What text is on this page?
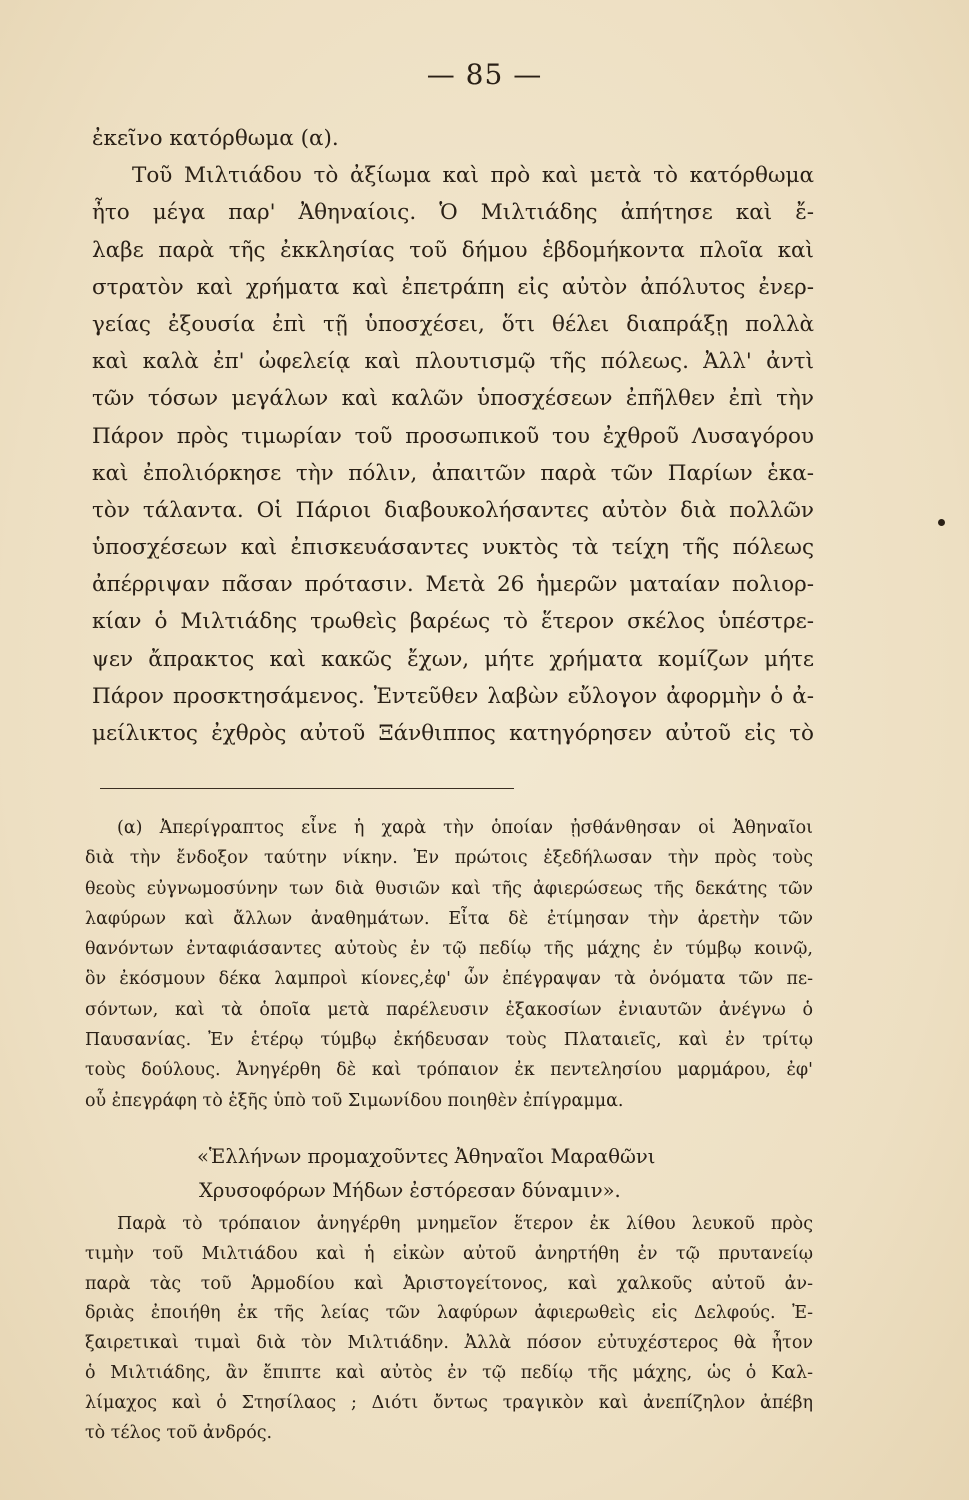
— 85 —
ἐκεῖνο κατόρθωμα (α).
Τοῦ Μιλτιάδου τὸ ἀξίωμα καὶ πρὸ καὶ μετὰ τὸ κατόρθωμα
ἦτο μέγα παρ' Ἀθηναίοις. Ὁ Μιλτιάδης ἀπήτησε καὶ ἔ-
λαβε παρὰ τῆς ἐκκλησίας τοῦ δήμου ἑβδομήκοντα πλοῖα καὶ
στρατὸν καὶ χρήματα καὶ ἐπετράπη εἰς αὐτὸν ἀπόλυτος ἐνερ-
γείας ἐξουσία ἐπὶ τῇ ὑποσχέσει, ὅτι θέλει διαπράξῃ πολλὰ
καὶ καλὰ ἐπ' ὠφελείᾳ καὶ πλουτισμῷ τῆς πόλεως. Ἀλλ' ἀντὶ
τῶν τόσων μεγάλων καὶ καλῶν ὑποσχέσεων ἐπῆλθεν ἐπὶ τὴν
Πάρον πρὸς τιμωρίαν τοῦ προσωπικοῦ του ἐχθροῦ Λυσαγόρου
καὶ ἐπολιόρκησε τὴν πόλιν, ἀπαιτῶν παρὰ τῶν Παρίων ἑκα-
τὸν τάλαντα. Οἱ Πάριοι διαβουκολήσαντες αὐτὸν διὰ πολλῶν
ὑποσχέσεων καὶ ἐπισκευάσαντες νυκτὸς τὰ τείχη τῆς πόλεως
ἀπέρριψαν πᾶσαν πρότασιν. Μετὰ 26 ἡμερῶν ματαίαν πολιορ-
κίαν ὁ Μιλτιάδης τρωθεὶς βαρέως τὸ ἕτερον σκέλος ὑπέστρε-
ψεν ἄπρακτος καὶ κακῶς ἔχων, μήτε χρήματα κομίζων μήτε
Πάρον προσκτησάμενος. Ἐντεῦθεν λαβὼν εὔλογον ἀφορμὴν ὁ ἀ-
μείλικτος ἐχθρὸς αὐτοῦ Ξάνθιππος κατηγόρησεν αὐτοῦ εἰς τὸ
(α) Ἀπερίγραπτος εἶνε ἡ χαρὰ τὴν ὁποίαν ᾐσθάνθησαν οἱ Ἀθηναῖοι
διὰ τὴν ἔνδοξον ταύτην νίκην. Ἐν πρώτοις ἐξεδήλωσαν τὴν πρὸς τοὺς
θεοὺς εὐγνωμοσύνην των διὰ θυσιῶν καὶ τῆς ἀφιερώσεως τῆς δεκάτης τῶν
λαφύρων καὶ ἄλλων ἀναθημάτων. Εἶτα δὲ ἐτίμησαν τὴν ἀρετὴν τῶν
θανόντων ἐνταφιάσαντες αὐτοὺς ἐν τῷ πεδίῳ τῆς μάχης ἐν τύμβῳ κοινῷ,
ὃν ἐκόσμουν δέκα λαμπροὶ κίονες,ἐφ' ὧν ἐπέγραψαν τὰ ὀνόματα τῶν πε-
σόντων, καὶ τὰ ὁποῖα μετὰ παρέλευσιν ἑξακοσίων ἐνιαυτῶν ἀνέγνω ὁ
Παυσανίας. Ἐν ἑτέρῳ τύμβῳ ἐκήδευσαν τοὺς Πλαταιεῖς, καὶ ἐν τρίτῳ
τοὺς δούλους. Ἀνηγέρθη δὲ καὶ τρόπαιον ἐκ πεντελησίου μαρμάρου, ἐφ'
οὗ ἐπεγράφη τὸ ἑξῆς ὑπὸ τοῦ Σιμωνίδου ποιηθὲν ἐπίγραμμα.
«Ἑλλήνων προμαχοῦντες Ἀθηναῖοι Μαραθῶνι
Χρυσοφόρων Μήδων ἐστόρεσαν δύναμιν».
Παρὰ τὸ τρόπαιον ἀνηγέρθη μνημεῖον ἕτερον ἐκ λίθου λευκοῦ πρὸς
τιμὴν τοῦ Μιλτιάδου καὶ ἡ εἰκὼν αὐτοῦ ἀνηρτήθη ἐν τῷ πρυτανείῳ
παρὰ τὰς τοῦ Ἁρμοδίου καὶ Ἀριστογείτονος, καὶ χαλκοῦς αὐτοῦ ἀν-
δριὰς ἐποιήθη ἐκ τῆς λείας τῶν λαφύρων ἀφιερωθεὶς εἰς Δελφούς. Ἐ-
ξαιρετικαὶ τιμαὶ διὰ τὸν Μιλτιάδην. Ἀλλὰ πόσον εὐτυχέστερος θὰ ἦτον
ὁ Μιλτιάδης, ἂν ἔπιπτε καὶ αὐτὸς ἐν τῷ πεδίῳ τῆς μάχης, ὡς ὁ Καλ-
λίμαχος καὶ ὁ Στησίλαος ; Διότι ὄντως τραγικὸν καὶ ἀνεπίζηλον ἀπέβη
τὸ τέλος τοῦ ἀνδρός.
